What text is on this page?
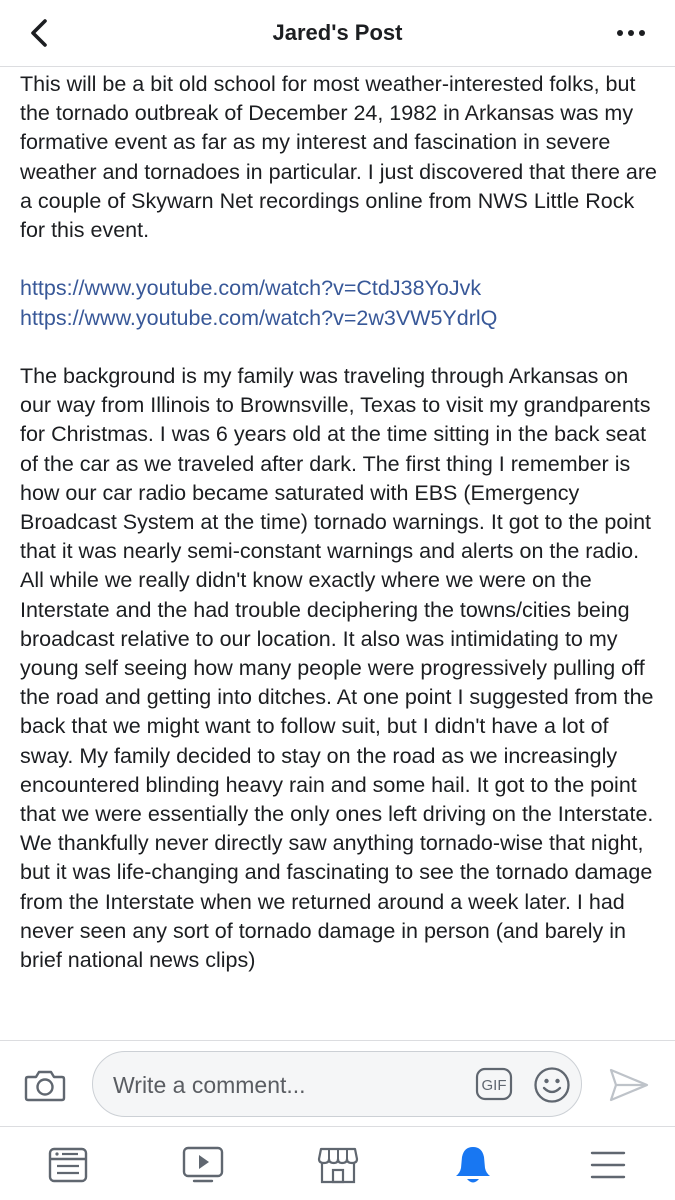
Jared's Post

This will be a bit old school for most weather-interested folks, but the tornado outbreak of December 24, 1982 in Arkansas was my formative event as far as my interest and fascination in severe weather and tornadoes in particular. I just discovered that there are a couple of Skywarn Net recordings online from NWS Little Rock for this event.

https://www.youtube.com/watch?v=CtdJ38YoJvk
https://www.youtube.com/watch?v=2w3VW5YdrlQ

The background is my family was traveling through Arkansas on our way from Illinois to Brownsville, Texas to visit my grandparents for Christmas. I was 6 years old at the time sitting in the back seat of the car as we traveled after dark. The first thing I remember is how our car radio became saturated with EBS (Emergency Broadcast System at the time) tornado warnings. It got to the point that it was nearly semi-constant warnings and alerts on the radio. All while we really didn't know exactly where we were on the Interstate and the had trouble deciphering the towns/cities being broadcast relative to our location. It also was intimidating to my young self seeing how many people were progressively pulling off the road and getting into ditches. At one point I suggested from the back that we might want to follow suit, but I didn't have a lot of sway. My family decided to stay on the road as we increasingly encountered blinding heavy rain and some hail. It got to the point that we were essentially the only ones left driving on the Interstate. We thankfully never directly saw anything tornado-wise that night, but it was life-changing and fascinating to see the tornado damage from the Interstate when we returned around a week later. I had never seen any sort of tornado damage in person (and barely in brief national news clips)

Write a comment...
GIF
